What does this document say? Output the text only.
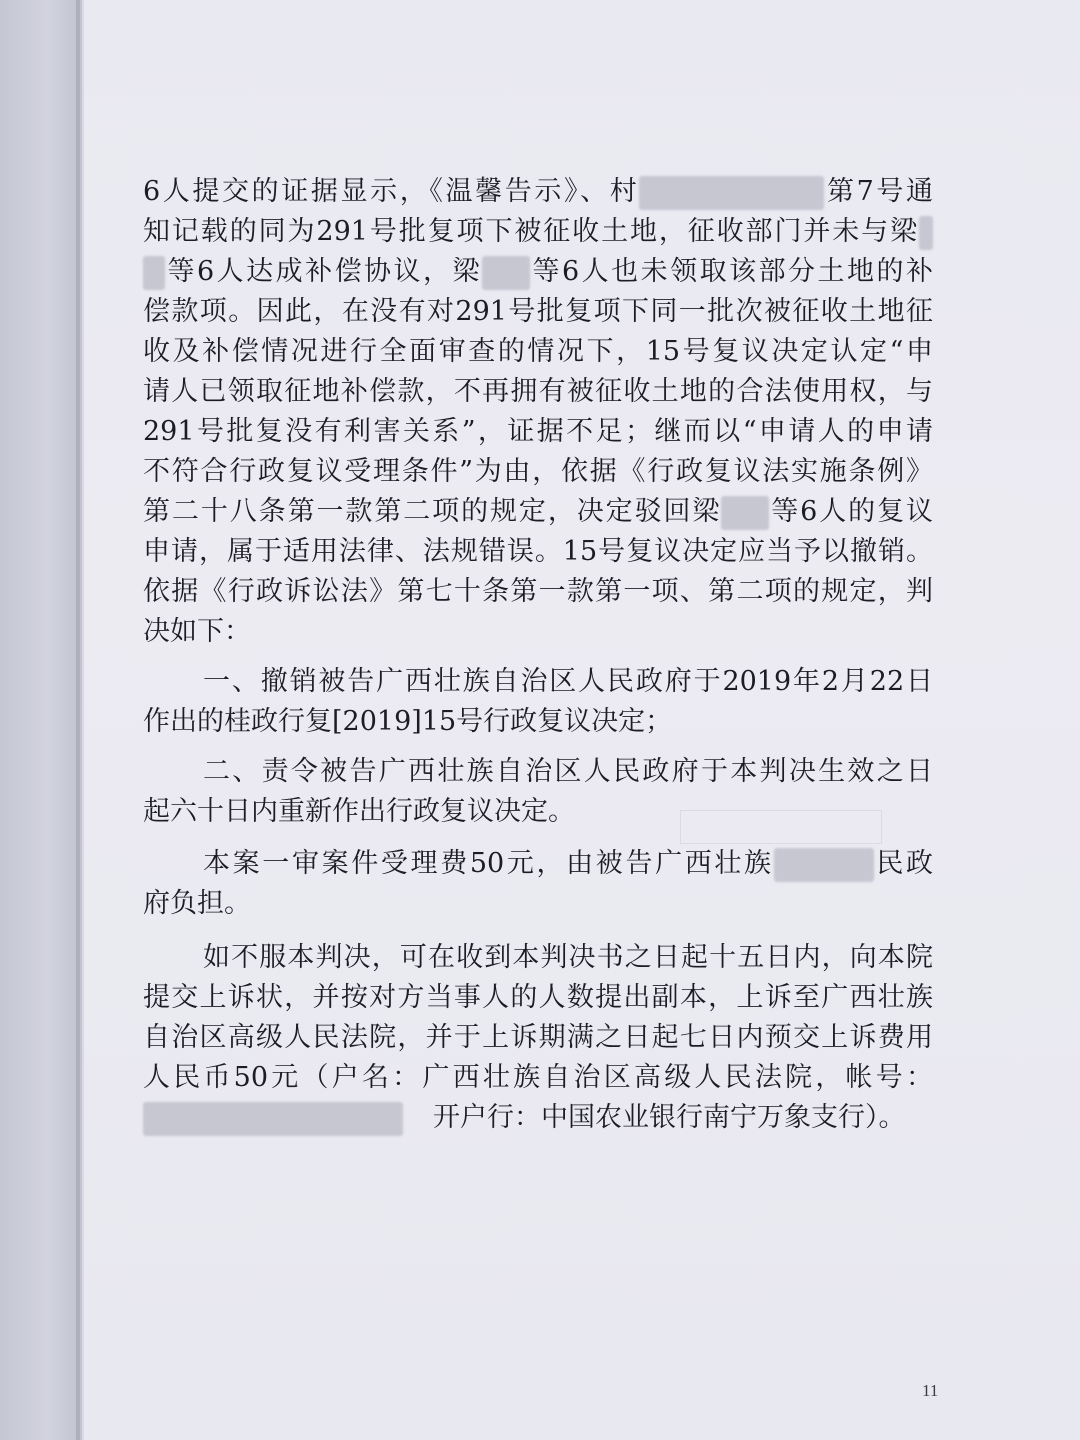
6人提交的证据显示，《温馨告示》、村	第7号通
知记载的同为291号批复项下被征收土地，征收部门并未与梁
等6人达成补偿协议，梁 等6人也未领取该部分土地的补
偿款项。因此，在没有对291号批复项下同一批次被征收土地征
收及补偿情况进行全面审查的情况下，15号复议决定认定“申
请人已领取征地补偿款，不再拥有被征收土地的合法使用权，与
291号批复没有利害关系”，证据不足；继而以“申请人的申请
不符合行政复议受理条件”为由，依据《行政复议法实施条例》
第二十八条第一款第二项的规定，决定驳回梁 等6人的复议
申请，属于适用法律、法规错误。15号复议决定应当予以撤销。
依据《行政诉讼法》第七十条第一款第一项、第二项的规定，判
决如下：
一、撤销被告广西壮族自治区人民政府于2019年2月22日
作出的桂政行复[2019]15号行政复议决定；
二、责令被告广西壮族自治区人民政府于本判决生效之日
起六十日内重新作出行政复议决定。
本案一审案件受理费50元，由被告广西壮族	民政
府负担。
如不服本判决，可在收到本判决书之日起十五日内，向本院
提交上诉状，并按对方当事人的人数提出副本，上诉至广西壮族
自治区高级人民法院，并于上诉期满之日起七日内预交上诉费用
人民币50元（户名：广西壮族自治区高级人民法院，帐号：
开户行：中国农业银行南宁万象支行）。
11
